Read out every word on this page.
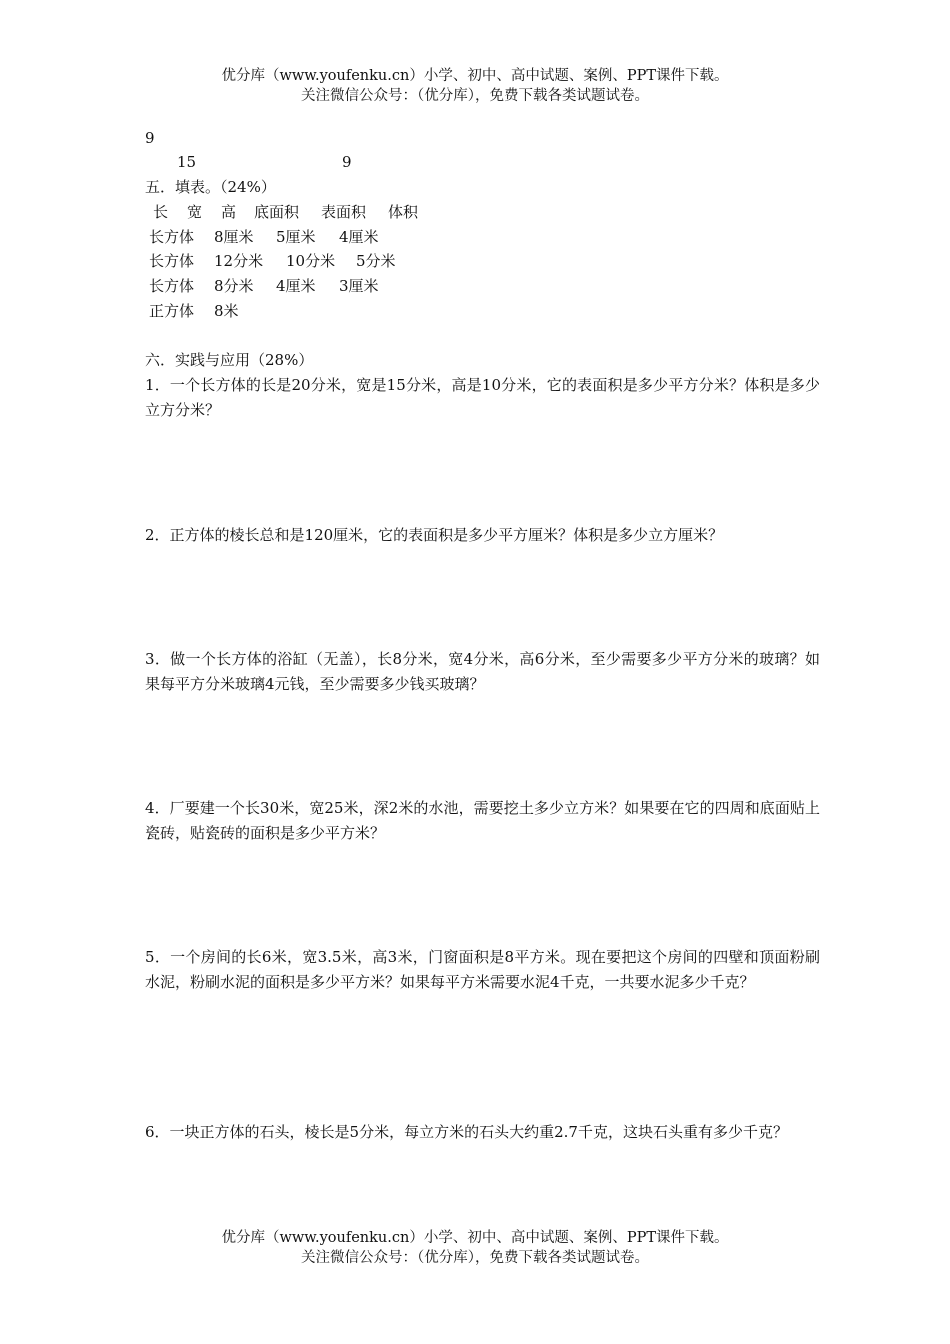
优分库（www.youfenku.cn）小学、初中、高中试题、案例、PPT课件下载。
关注微信公众号：（优分库），免费下载各类试题试卷。
9
15	9
五．填表。（24%）
长 宽 高 底面积 表面积 体积
长方体 8厘米 5厘米 4厘米
长方体 12分米 10分米 5分米
长方体 8分米 4厘米 3厘米
正方体 8米
六．实践与应用（28%）
1．一个长方体的长是20分米，宽是15分米，高是10分米，它的表面积是多少平方分米？体积是多少立方分米？
2．正方体的棱长总和是120厘米，它的表面积是多少平方厘米？体积是多少立方厘米？
3．做一个长方体的浴缸（无盖），长8分米，宽4分米，高6分米，至少需要多少平方分米的玻璃？如果每平方分米玻璃4元钱，至少需要多少钱买玻璃？
4．厂要建一个长30米，宽25米，深2米的水池，需要挖土多少立方米？如果要在它的四周和底面贴上瓷砖，贴瓷砖的面积是多少平方米？
5．一个房间的长6米，宽3.5米，高3米，门窗面积是8平方米。现在要把这个房间的四壁和顶面粉刷水泥，粉刷水泥的面积是多少平方米？如果每平方米需要水泥4千克，一共要水泥多少千克？
6．一块正方体的石头，棱长是5分米，每立方米的石头大约重2.7千克，这块石头重有多少千克？
优分库（www.youfenku.cn）小学、初中、高中试题、案例、PPT课件下载。
关注微信公众号：（优分库），免费下载各类试题试卷。
